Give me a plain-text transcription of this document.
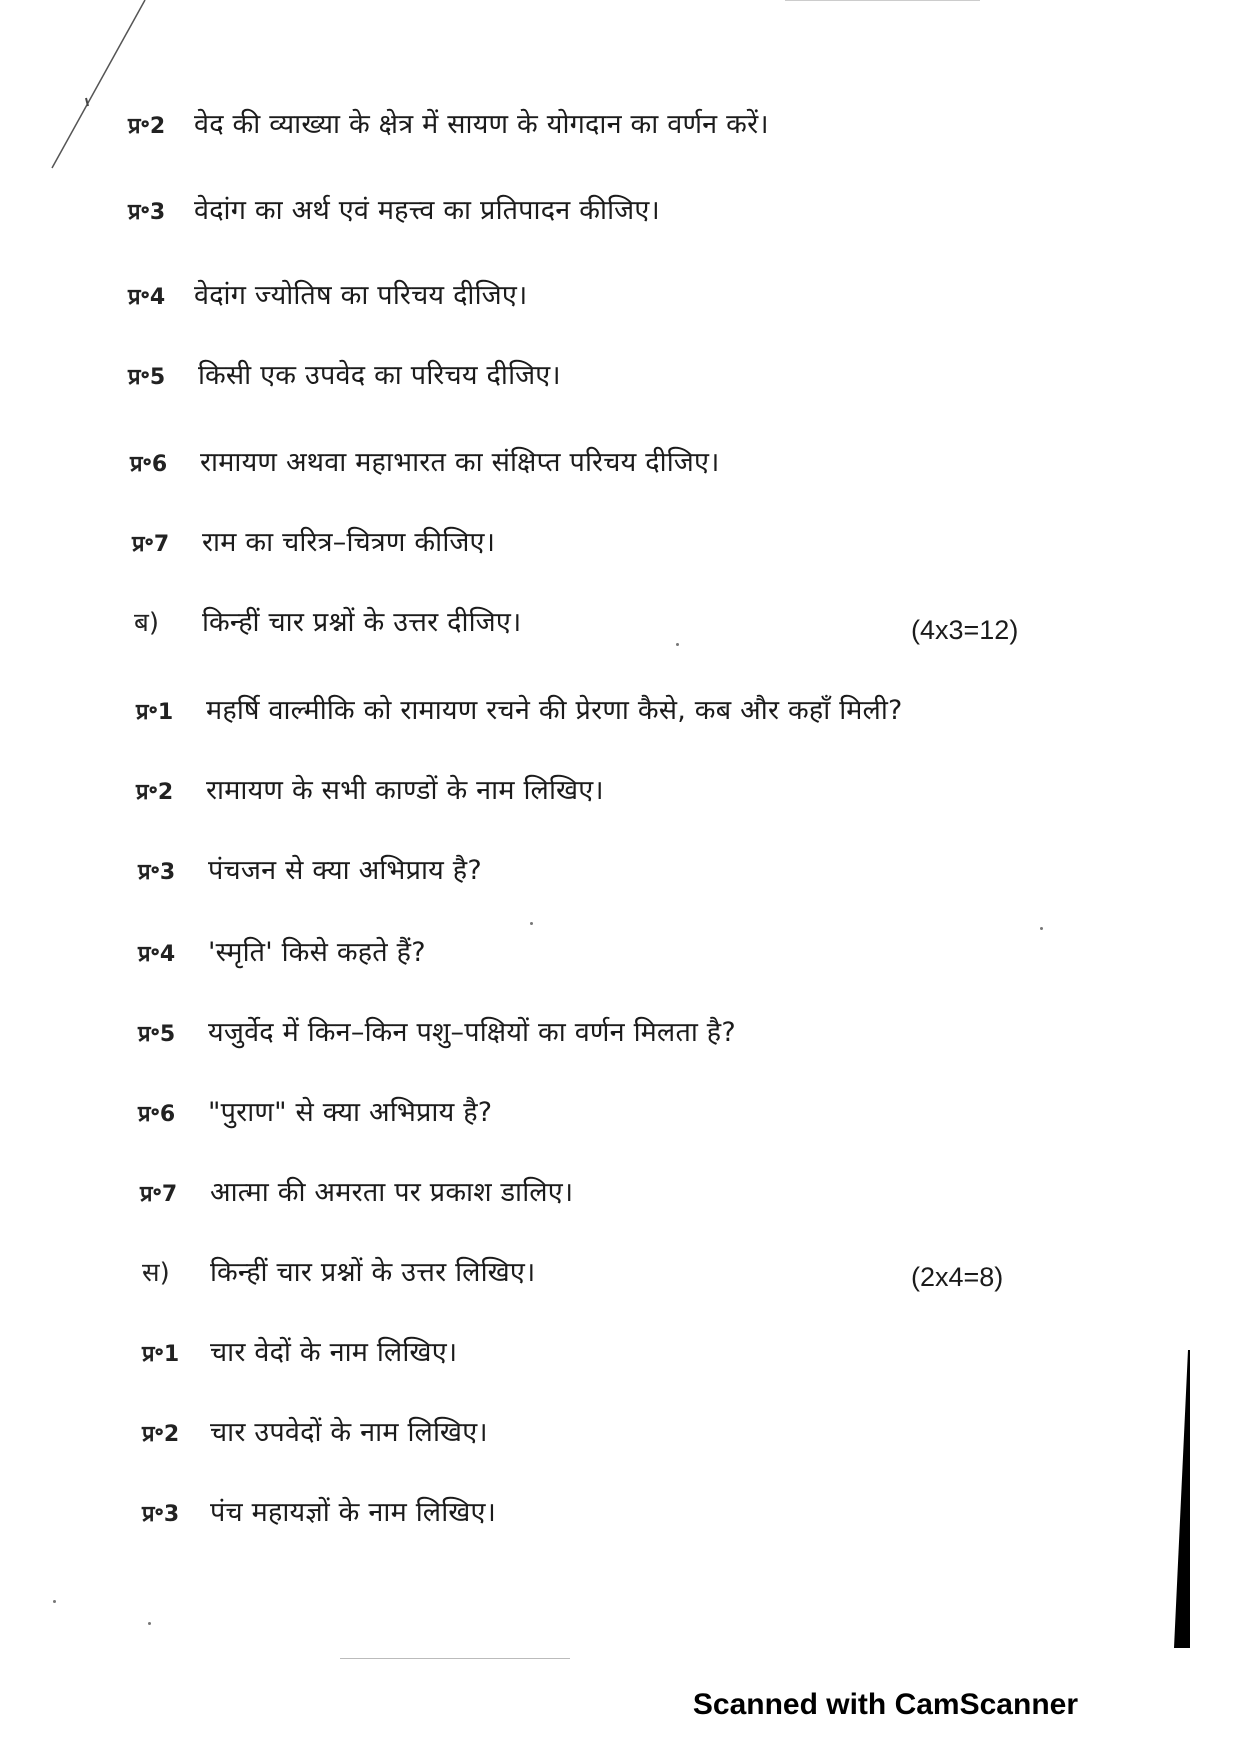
प्र॰2	वेद की व्याख्या के क्षेत्र में सायण के योगदान का वर्णन करें।
प्र॰3	वेदांग का अर्थ एवं महत्त्व का प्रतिपादन कीजिए।
प्र॰4	वेदांग ज्योतिष का परिचय दीजिए।
प्र॰5	किसी एक उपवेद का परिचय दीजिए।
प्र॰6	रामायण अथवा महाभारत का संक्षिप्त परिचय दीजिए।
प्र॰7	राम का चरित्र–चित्रण कीजिए।
ब)	किन्हीं चार प्रश्नों के उत्तर दीजिए।	(4x3=12)
प्र॰1	महर्षि वाल्मीकि को रामायण रचने की प्रेरणा कैसे, कब और कहाँ मिली?
प्र॰2	रामायण के सभी काण्डों के नाम लिखिए।
प्र॰3	पंचजन से क्या अभिप्राय है?
प्र॰4	'स्मृति' किसे कहते हैं?
प्र॰5	यजुर्वेद में किन–किन पशु–पक्षियों का वर्णन मिलता है?
प्र॰6	"पुराण" से क्या अभिप्राय है?
प्र॰7	आत्मा की अमरता पर प्रकाश डालिए।
स)	किन्हीं चार प्रश्नों के उत्तर लिखिए।	(2x4=8)
प्र॰1	चार वेदों के नाम लिखिए।
प्र॰2	चार उपवेदों के नाम लिखिए।
प्र॰3	पंच महायज्ञों के नाम लिखिए।
Scanned with CamScanner
